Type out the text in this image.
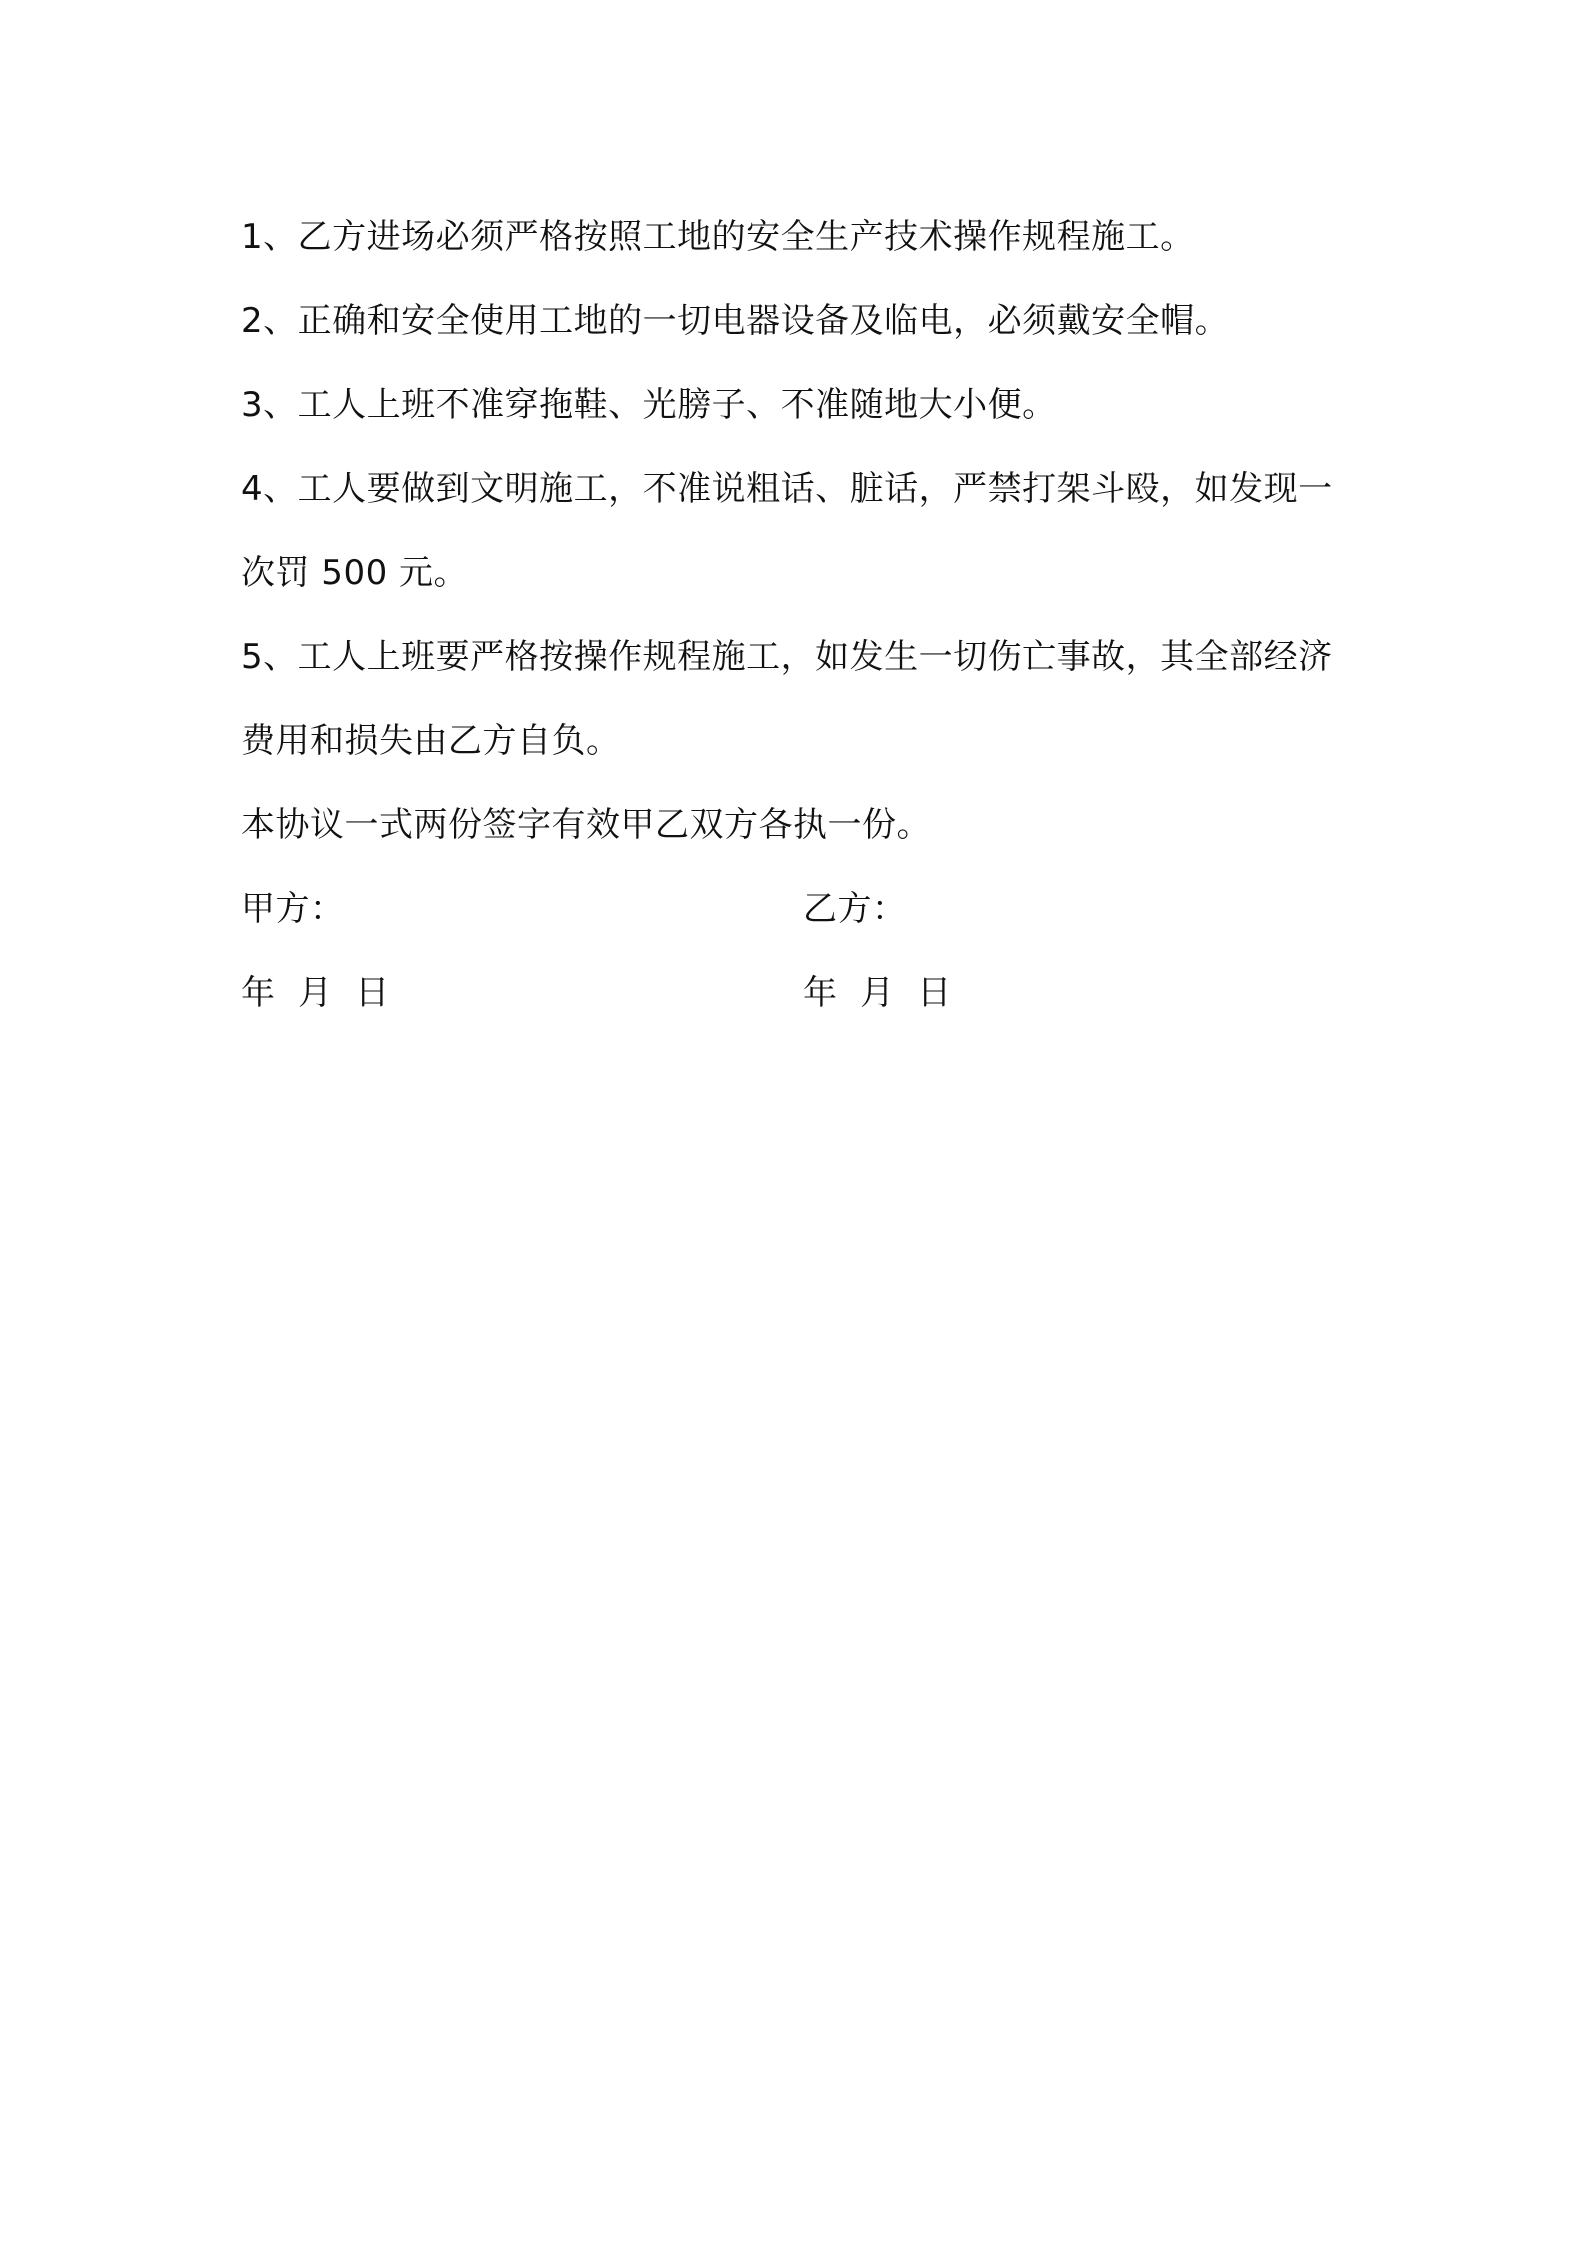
1、乙方进场必须严格按照工地的安全生产技术操作规程施工。

2、正确和安全使用工地的一切电器设备及临电，必须戴安全帽。

3、工人上班不准穿拖鞋、光膀子、不准随地大小便。

4、工人要做到文明施工，不准说粗话、脏话，严禁打架斗殴，如发现一次罚 500 元。

5、工人上班要严格按操作规程施工，如发生一切伤亡事故，其全部经济费用和损失由乙方自负。

本协议一式两份签字有效甲乙双方各执一份。

甲方：	乙方：
年  月  日	年  月  日
